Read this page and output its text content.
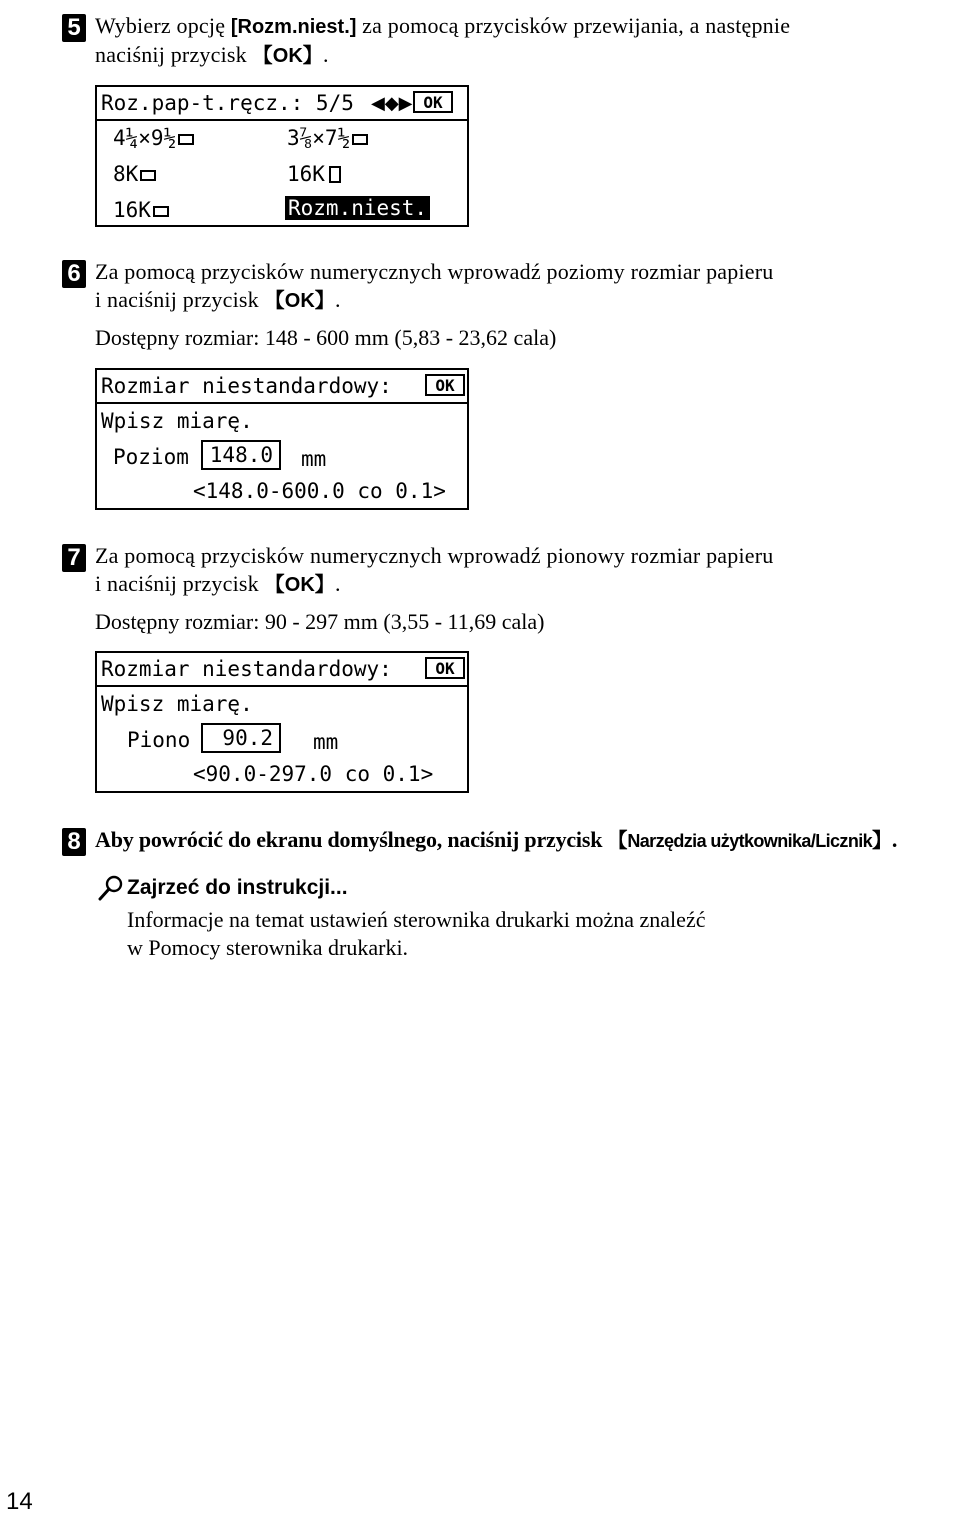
5 Wybierz opcję [Rozm.niest.] za pomocą przycisków przewijania, a następnie
naciśnij przycisk 【OK】.
Roz.pap-t.ręcz.: 5/5 ◀◆▶ OK
4¼×9½	3⅞×7½
8K	16K
16K	Rozm.niest.
6 Za pomocą przycisków numerycznych wprowadź poziomy rozmiar papieru
i naciśnij przycisk 【OK】.
Dostępny rozmiar: 148 - 600 mm (5,83 - 23,62 cala)
Rozmiar niestandardowy:	OK
Wpisz miarę.
Poziom 148.0	mm
<148.0-600.0 co 0.1>
7 Za pomocą przycisków numerycznych wprowadź pionowy rozmiar papieru
i naciśnij przycisk 【OK】.
Dostępny rozmiar: 90 - 297 mm (3,55 - 11,69 cala)
Rozmiar niestandardowy:	OK
Wpisz miarę.
Piono	90.2	mm
<90.0-297.0 co 0.1>
8 Aby powrócić do ekranu domyślnego, naciśnij przycisk 【Narzędzia użytkownika/Licznik】.
Zajrzeć do instrukcji...
Informacje na temat ustawień sterownika drukarki można znaleźć
w Pomocy sterownika drukarki.
14
